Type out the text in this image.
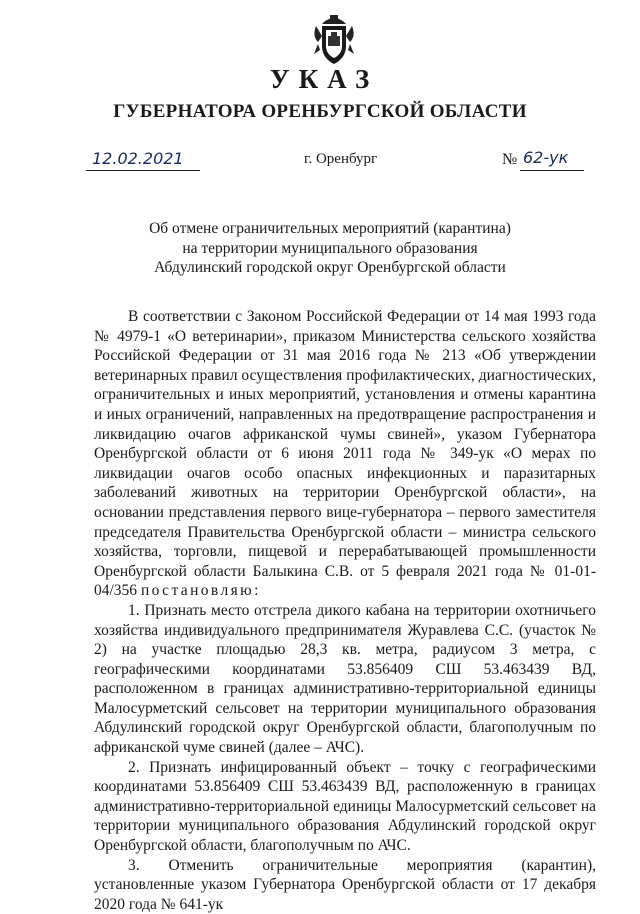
УКАЗ
ГУБЕРНАТОРА ОРЕНБУРГСКОЙ ОБЛАСТИ
12.02.2021	г. Оренбург	№ 62-ук
Об отмене ограничительных мероприятий (карантина)
на территории муниципального образования
Абдулинский городской округ Оренбургской области

В соответствии с Законом Российской Федерации от 14 мая 1993 года № 4979-1 «О ветеринарии», приказом Министерства сельского хозяйства Российской Федерации от 31 мая 2016 года № 213 «Об утверждении ветеринарных правил осуществления профилактических, диагностических, ограничительных и иных мероприятий, установления и отмены карантина и иных ограничений, направленных на предотвращение распространения и ликвидацию очагов африканской чумы свиней», указом Губернатора Оренбургской области от 6 июня 2011 года № 349-ук «О мерах по ликвидации очагов особо опасных инфекционных и паразитарных заболеваний животных на территории Оренбургской области», на основании представления первого вице-губернатора – первого заместителя председателя Правительства Оренбургской области – министра сельского хозяйства, торговли, пищевой и перерабатывающей промышленности Оренбургской области Балыкина С.В. от 5 февраля 2021 года № 01-01-04/356 постановляю:

1. Признать место отстрела дикого кабана на территории охотничьего хозяйства индивидуального предпринимателя Журавлева С.С. (участок № 2) на участке площадью 28,3 кв. метра, радиусом 3 метра, с географическими координатами 53.856409 СШ 53.463439 ВД, расположенном в границах административно-территориальной единицы Малосурметский сельсовет на территории муниципального образования Абдулинский городской округ Оренбургской области, благополучным по африканской чуме свиней (далее – АЧС).

2. Признать инфицированный объект – точку с географическими координатами 53.856409 СШ 53.463439 ВД, расположенную в границах административно-территориальной единицы Малосурметский сельсовет на территории муниципального образования Абдулинский городской округ Оренбургской области, благополучным по АЧС.

3. Отменить ограничительные мероприятия (карантин), установленные указом Губернатора Оренбургской области от 17 декабря 2020 года № 641-ук
